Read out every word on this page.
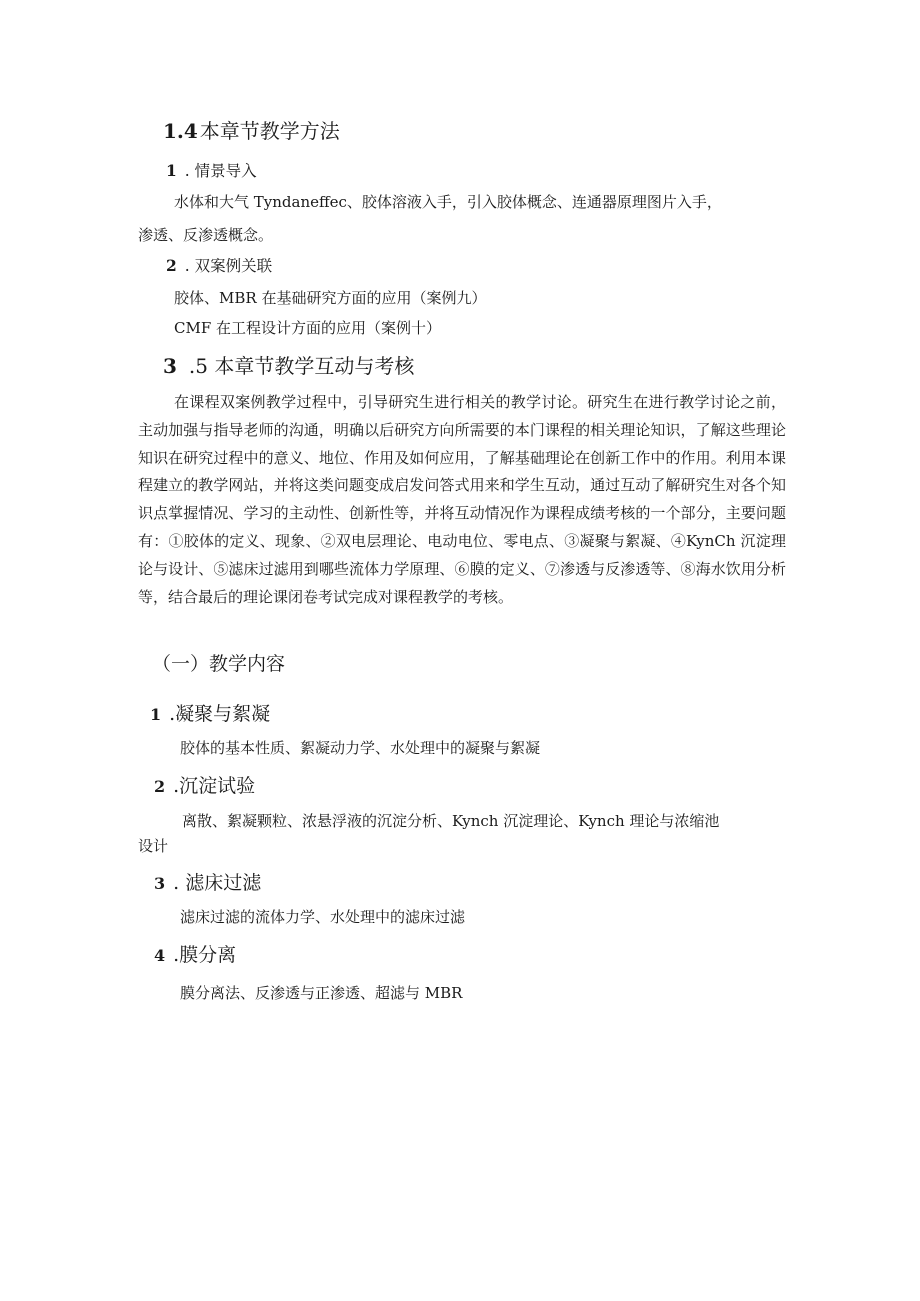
1.4 本章节教学方法
1 . 情景导入
水体和大气 Tyndaneffec、胶体溶液入手，引入胶体概念、连通器原理图片入手，
渗透、反渗透概念。
2 . 双案例关联
胶体、MBR 在基础研究方面的应用（案例九）
CMF 在工程设计方面的应用（案例十）
3 .5 本章节教学互动与考核

在课程双案例教学过程中，引导研究生进行相关的教学讨论。研究生在进行教学讨论之前，主动加强与指导老师的沟通，明确以后研究方向所需要的本门课程的相关理论知识，了解这些理论知识在研究过程中的意义、地位、作用及如何应用，了解基础理论在创新工作中的作用。利用本课程建立的教学网站，并将这类问题变成启发问答式用来和学生互动，通过互动了解研究生对各个知识点掌握情况、学习的主动性、创新性等，并将互动情况作为课程成绩考核的一个部分，主要问题有：①胶体的定义、现象、②双电层理论、电动电位、零电点、③凝聚与絮凝、④KynCh 沉淀理论与设计、⑤滤床过滤用到哪些流体力学原理、⑥膜的定义、⑦渗透与反渗透等、⑧海水饮用分析等，结合最后的理论课闭卷考试完成对课程教学的考核。

（一）教学内容
1 .凝聚与絮凝
胶体的基本性质、絮凝动力学、水处理中的凝聚与絮凝
2 .沉淀试验
离散、絮凝颗粒、浓悬浮液的沉淀分析、Kynch 沉淀理论、Kynch 理论与浓缩池
设计
3 . 滤床过滤
滤床过滤的流体力学、水处理中的滤床过滤
4 .膜分离
膜分离法、反渗透与正渗透、超滤与 MBR
